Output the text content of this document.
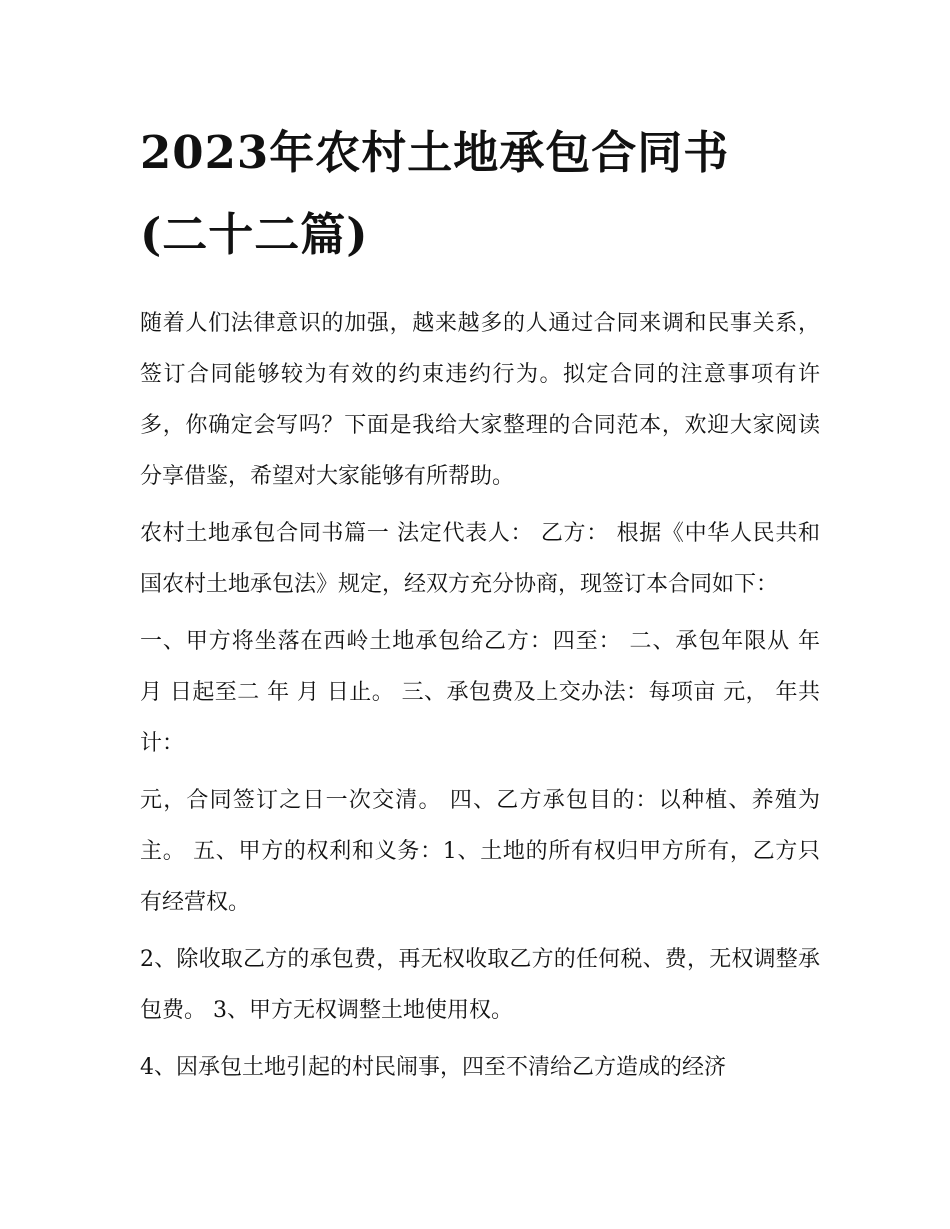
2023年农村土地承包合同书
(二十二篇)

随着人们法律意识的加强，越来越多的人通过合同来调和民事关系，签订合同能够较为有效的约束违约行为。拟定合同的注意事项有许多，你确定会写吗？下面是我给大家整理的合同范本，欢迎大家阅读分享借鉴，希望对大家能够有所帮助。

农村土地承包合同书篇一 法定代表人： 乙方： 根据《中华人民共和国农村土地承包法》规定，经双方充分协商，现签订本合同如下：

一、甲方将坐落在西岭土地承包给乙方：四至： 二、承包年限从 年 月 日起至二 年 月 日止。 三、承包费及上交办法：每项亩 元， 年共计：

元，合同签订之日一次交清。 四、乙方承包目的：以种植、养殖为主。 五、甲方的权利和义务：1、土地的所有权归甲方所有，乙方只有经营权。

2、除收取乙方的承包费，再无权收取乙方的任何税、费，无权调整承包费。 3、甲方无权调整土地使用权。

4、因承包土地引起的村民闹事，四至不清给乙方造成的经济
